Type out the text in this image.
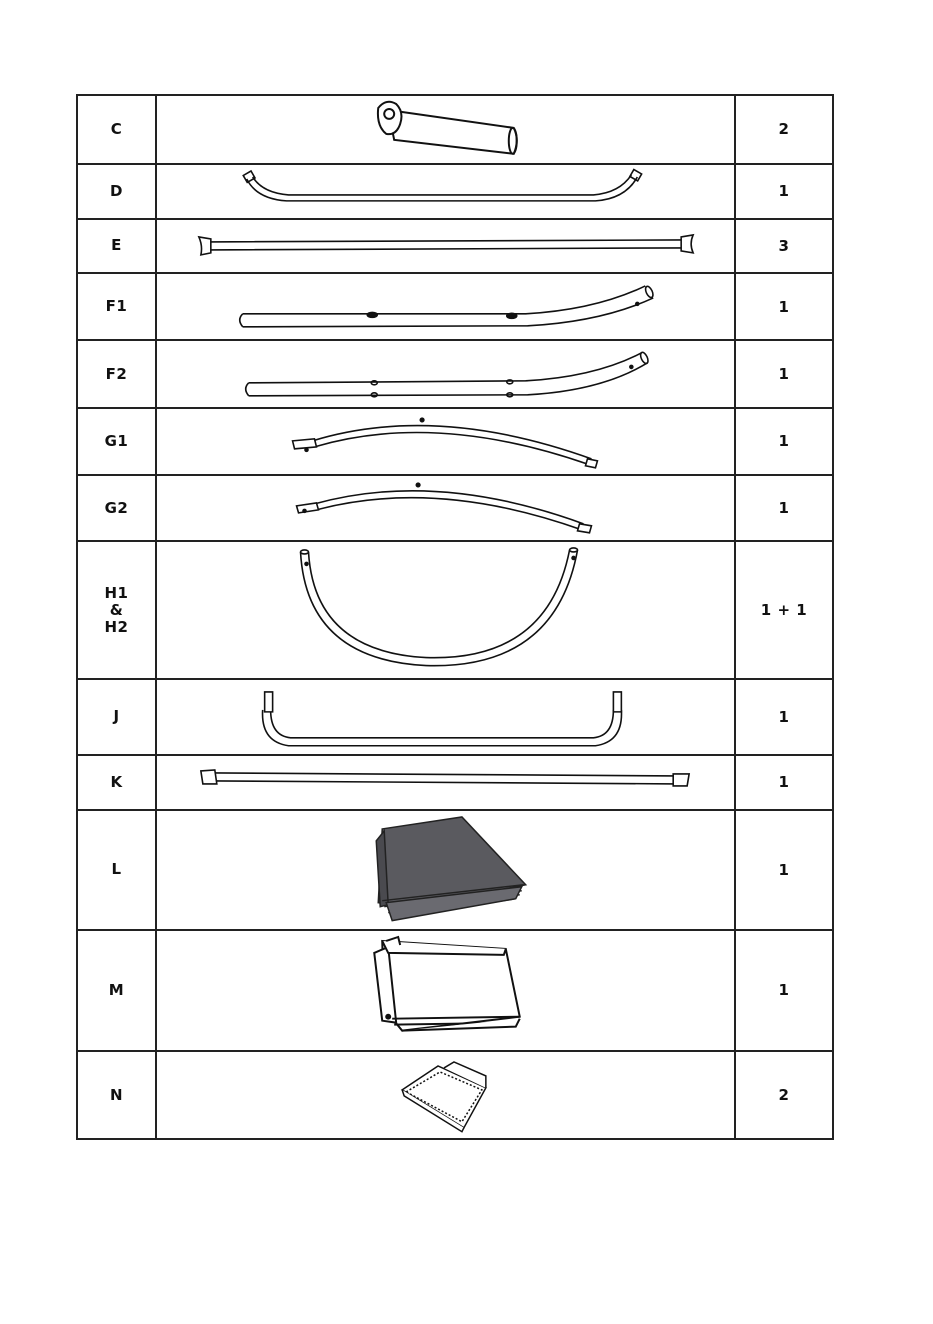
C		2

D		1

E		3

F1		1

F2		1

G1		1

G2		1

H1
&
H2		1 + 1

J		1

K		1

L		1

M		1

N		2
